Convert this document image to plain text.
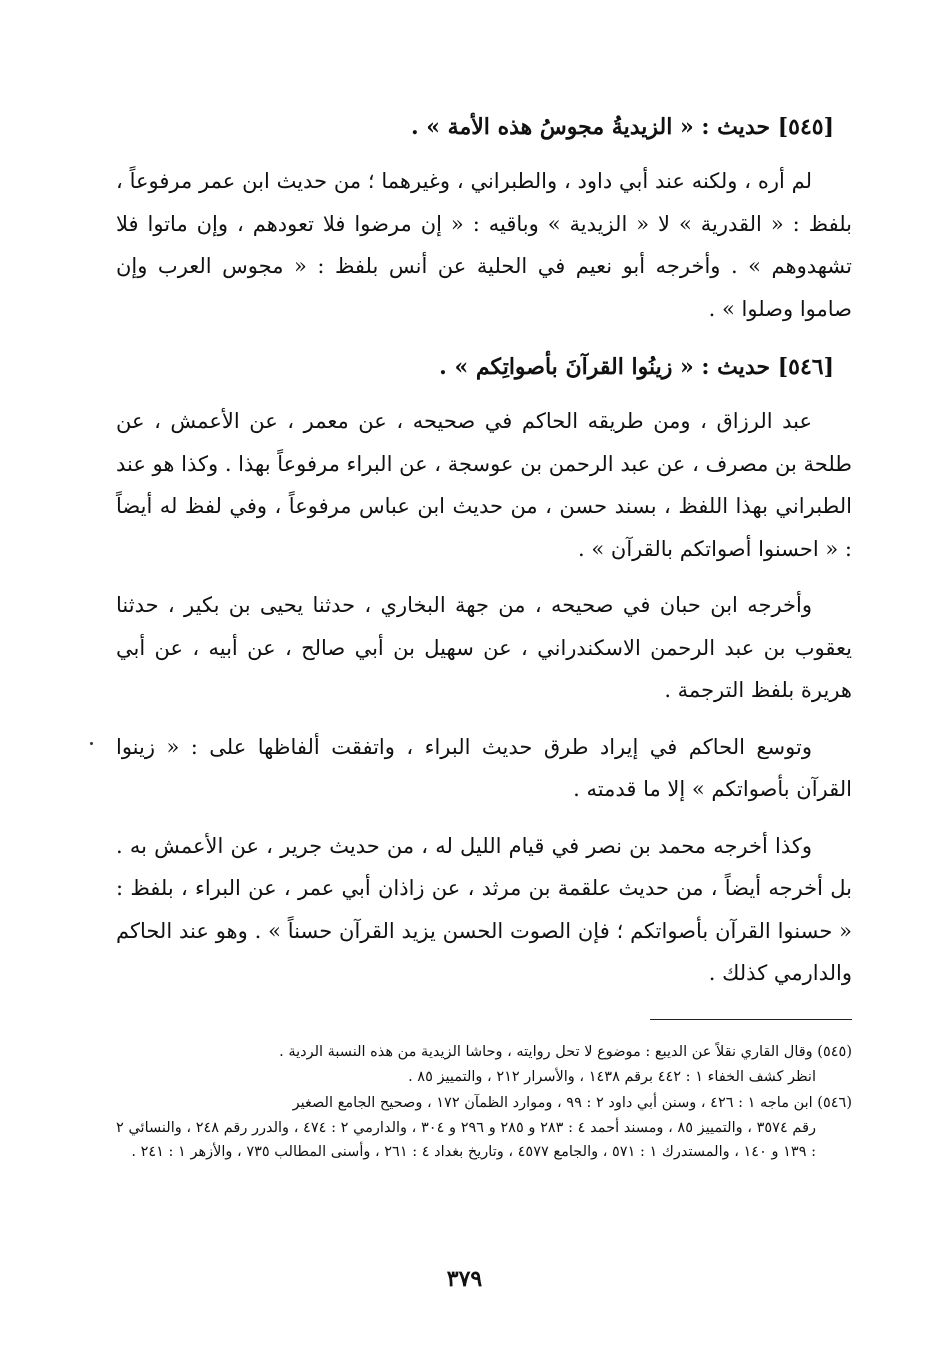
[٥٤٥] حديث : « الزيديةُ مجوسُ هذه الأمة » .

لم أره ، ولكنه عند أبي داود ، والطبراني ، وغيرهما ؛ من حديث ابن عمر مرفوعاً ، بلفظ : « القدرية » لا « الزيدية » وباقيه : « إن مرضوا فلا تعودهم ، وإن ماتوا فلا تشهدوهم » . وأخرجه أبو نعيم في الحلية عن أنس بلفظ : « مجوس العرب وإن صاموا وصلوا » .

[٥٤٦] حديث : « زينُوا القرآنَ بأصواتِكم » .

عبد الرزاق ، ومن طريقه الحاكم في صحيحه ، عن معمر ، عن الأعمش ، عن طلحة بن مصرف ، عن عبد الرحمن بن عوسجة ، عن البراء مرفوعاً بهذا . وكذا هو عند الطبراني بهذا اللفظ ، بسند حسن ، من حديث ابن عباس مرفوعاً ، وفي لفظ له أيضاً : « احسنوا أصواتكم بالقرآن » .

وأخرجه ابن حبان في صحيحه ، من جهة البخاري ، حدثنا يحيى بن بكير ، حدثنا يعقوب بن عبد الرحمن الاسكندراني ، عن سهيل بن أبي صالح ، عن أبيه ، عن أبي هريرة بلفظ الترجمة .

وتوسع الحاكم في إيراد طرق حديث البراء ، واتفقت ألفاظها على : « زينوا القرآن بأصواتكم » إلا ما قدمته .

وكذا أخرجه محمد بن نصر في قيام الليل له ، من حديث جرير ، عن الأعمش به . بل أخرجه أيضاً ، من حديث علقمة بن مرثد ، عن زاذان أبي عمر ، عن البراء ، بلفظ : « حسنوا القرآن بأصواتكم ؛ فإن الصوت الحسن يزيد القرآن حسناً » . وهو عند الحاكم والدارمي كذلك .

(٥٤٥) وقال القاري نقلاً عن الديبع : موضوع لا تحل روايته ، وحاشا الزيدية من هذه النسبة الردية .
انظر كشف الخفاء ١ : ٤٤٢ برقم ١٤٣٨ ، والأسرار ٢١٢ ، والتمييز ٨٥ .
(٥٤٦) ابن ماجه ١ : ٤٢٦ ، وسنن أبي داود ٢ : ٩٩ ، وموارد الظمآن ١٧٢ ، وصحيح الجامع الصغير
رقم ٣٥٧٤ ، والتمييز ٨٥ ، ومسند أحمد ٤ : ٢٨٣ و ٢٨٥ و ٢٩٦ و ٣٠٤ ، والدارمي ٢ : ٤٧٤ ، والدرر رقم ٢٤٨ ، والنسائي ٢ : ١٣٩ و ١٤٠ ، والمستدرك ١ : ٥٧١ ، والجامع ٤٥٧٧ ، وتاريخ بغداد ٤ : ٢٦١ ، وأسنى المطالب ٧٣٥ ، والأزهر ١ : ٢٤١ .
٣٧٩
